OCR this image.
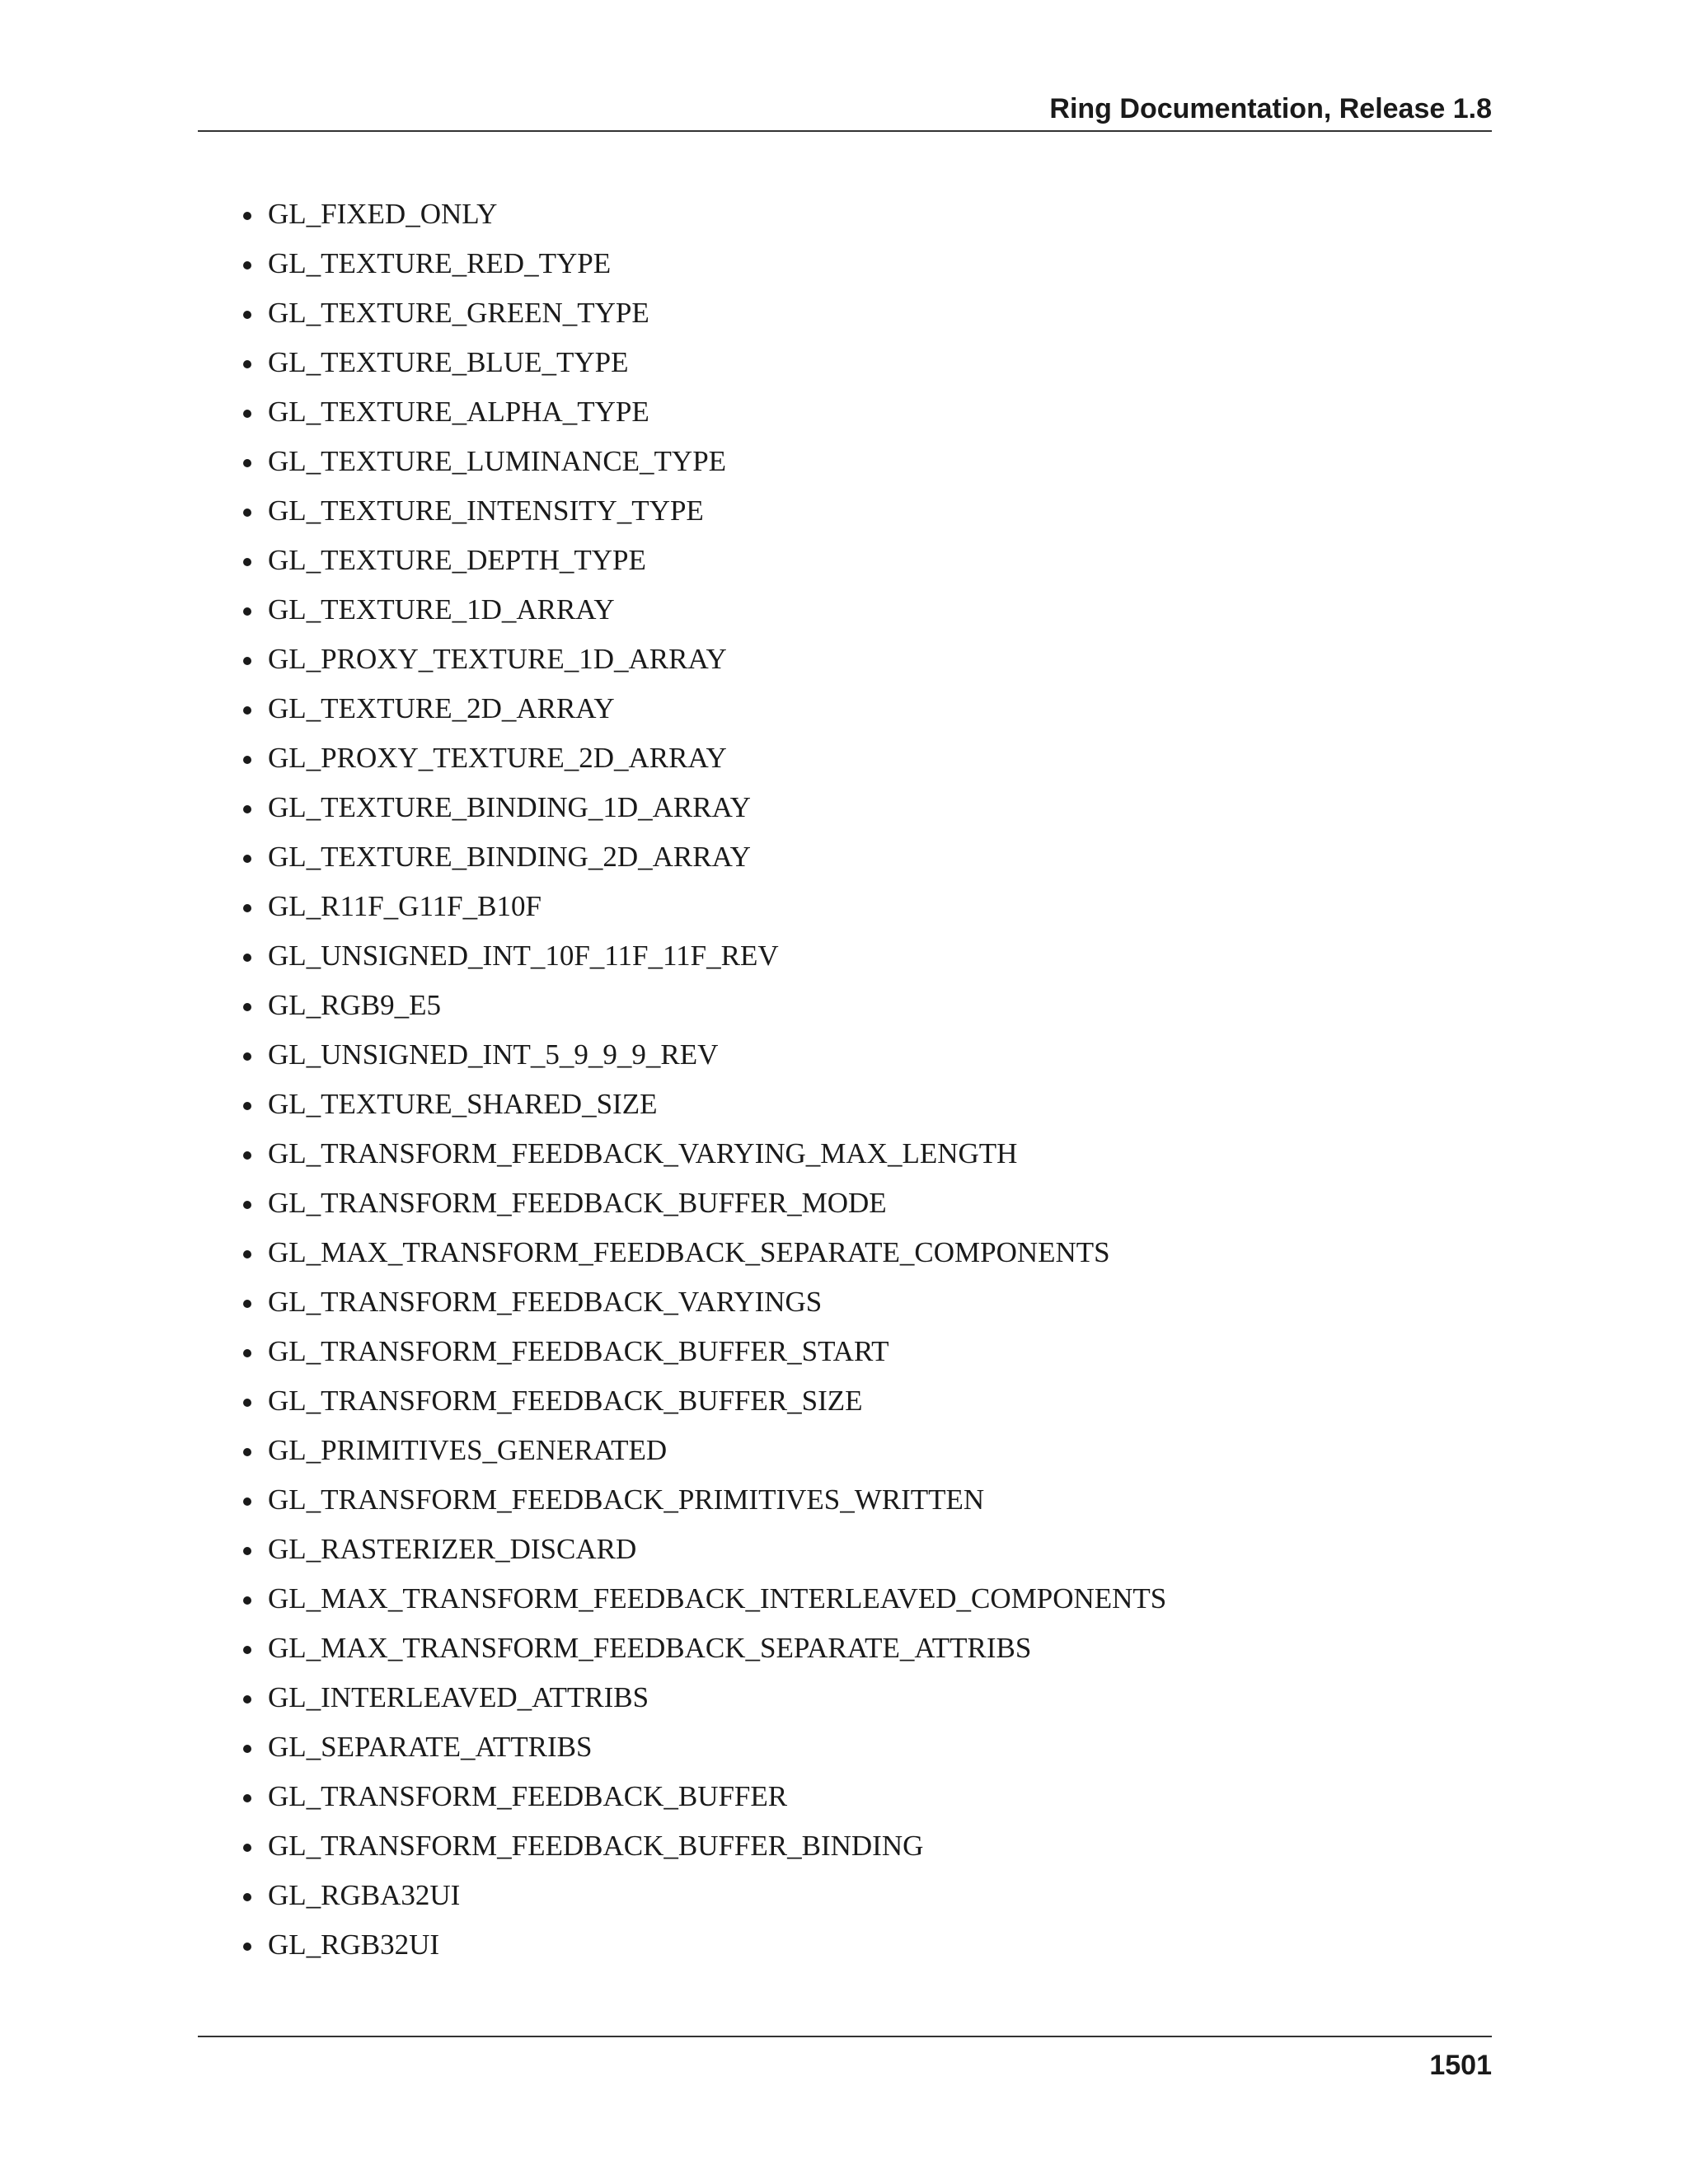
Ring Documentation, Release 1.8
GL_FIXED_ONLY
GL_TEXTURE_RED_TYPE
GL_TEXTURE_GREEN_TYPE
GL_TEXTURE_BLUE_TYPE
GL_TEXTURE_ALPHA_TYPE
GL_TEXTURE_LUMINANCE_TYPE
GL_TEXTURE_INTENSITY_TYPE
GL_TEXTURE_DEPTH_TYPE
GL_TEXTURE_1D_ARRAY
GL_PROXY_TEXTURE_1D_ARRAY
GL_TEXTURE_2D_ARRAY
GL_PROXY_TEXTURE_2D_ARRAY
GL_TEXTURE_BINDING_1D_ARRAY
GL_TEXTURE_BINDING_2D_ARRAY
GL_R11F_G11F_B10F
GL_UNSIGNED_INT_10F_11F_11F_REV
GL_RGB9_E5
GL_UNSIGNED_INT_5_9_9_9_REV
GL_TEXTURE_SHARED_SIZE
GL_TRANSFORM_FEEDBACK_VARYING_MAX_LENGTH
GL_TRANSFORM_FEEDBACK_BUFFER_MODE
GL_MAX_TRANSFORM_FEEDBACK_SEPARATE_COMPONENTS
GL_TRANSFORM_FEEDBACK_VARYINGS
GL_TRANSFORM_FEEDBACK_BUFFER_START
GL_TRANSFORM_FEEDBACK_BUFFER_SIZE
GL_PRIMITIVES_GENERATED
GL_TRANSFORM_FEEDBACK_PRIMITIVES_WRITTEN
GL_RASTERIZER_DISCARD
GL_MAX_TRANSFORM_FEEDBACK_INTERLEAVED_COMPONENTS
GL_MAX_TRANSFORM_FEEDBACK_SEPARATE_ATTRIBS
GL_INTERLEAVED_ATTRIBS
GL_SEPARATE_ATTRIBS
GL_TRANSFORM_FEEDBACK_BUFFER
GL_TRANSFORM_FEEDBACK_BUFFER_BINDING
GL_RGBA32UI
GL_RGB32UI
1501
